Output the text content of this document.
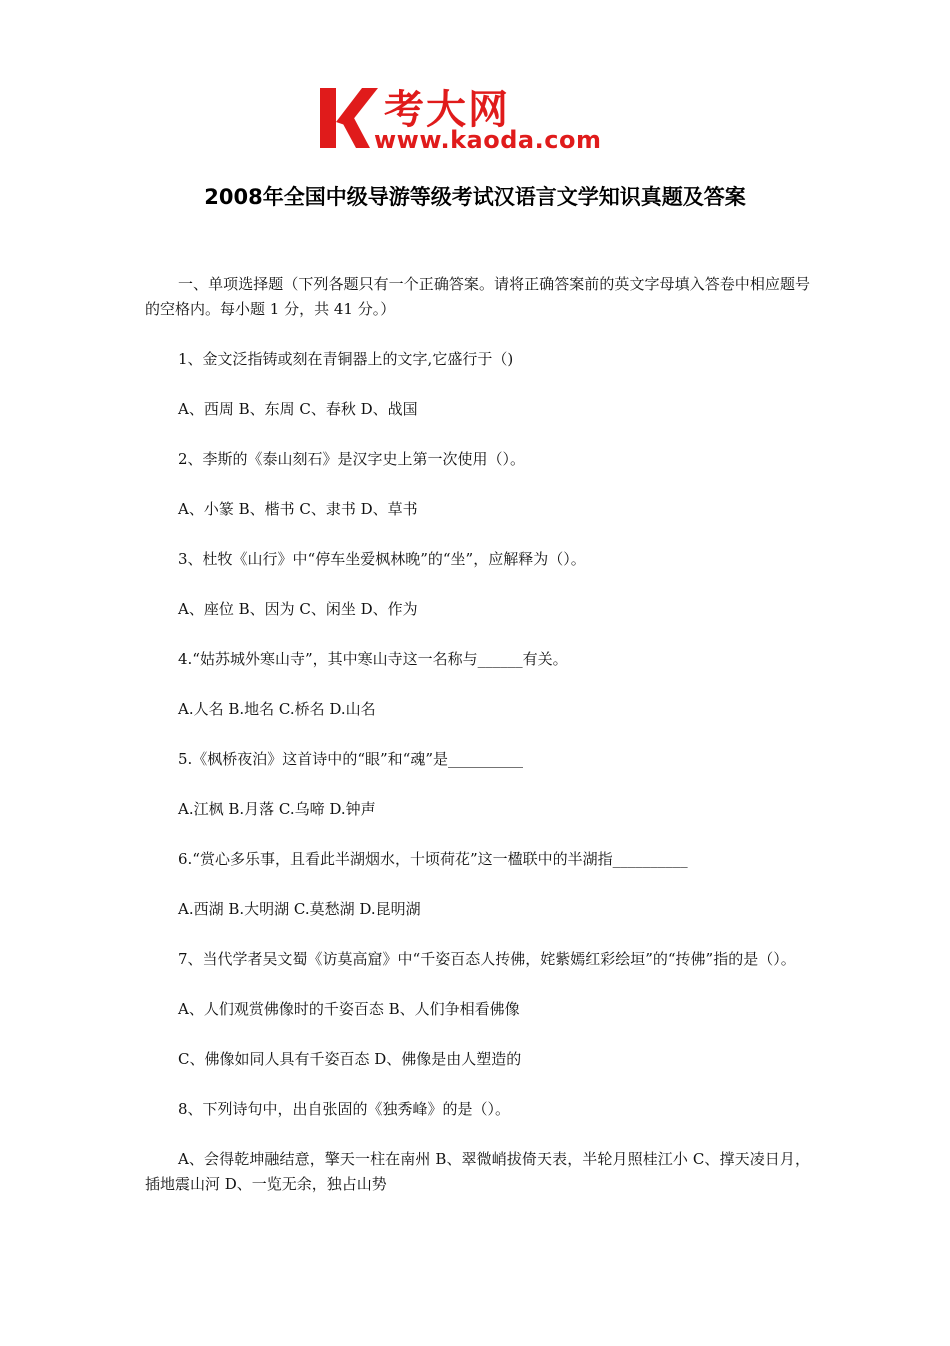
考大网
www.kaoda.com
2008年全国中级导游等级考试汉语言文学知识真题及答案

一、单项选择题（下列各题只有一个正确答案。请将正确答案前的英文字母填入答卷中相应题号的空格内。每小题 1 分，共 41 分。）

1、金文泛指铸或刻在青铜器上的文字,它盛行于（)

A、西周 B、东周 C、春秋 D、战国

2、李斯的《泰山刻石》是汉字史上第一次使用（）。

A、小篆 B、楷书 C、隶书 D、草书

3、杜牧《山行》中“停车坐爱枫林晚”的“坐”，应解释为（）。

A、座位 B、因为 C、闲坐 D、作为

4.“姑苏城外寒山寺”，其中寒山寺这一名称与______有关。

A.人名 B.地名 C.桥名 D.山名

5.《枫桥夜泊》这首诗中的“眼”和“魂”是__________

A.江枫 B.月落 C.乌啼 D.钟声

6.“赏心多乐事，且看此半湖烟水，十顷荷花”这一楹联中的半湖指__________

A.西湖 B.大明湖 C.莫愁湖 D.昆明湖

7、当代学者吴文蜀《访莫高窟》中“千姿百态人抟佛，姹紫嫣红彩绘垣”的“抟佛”指的是（）。

A、人们观赏佛像时的千姿百态 B、人们争相看佛像

C、佛像如同人具有千姿百态 D、佛像是由人塑造的

8、下列诗句中，出自张固的《独秀峰》的是（）。

A、会得乾坤融结意，擎天一柱在南州 B、翠微峭拔倚天表，半轮月照桂江小 C、撑天凌日月，插地震山河 D、一览无余，独占山势
